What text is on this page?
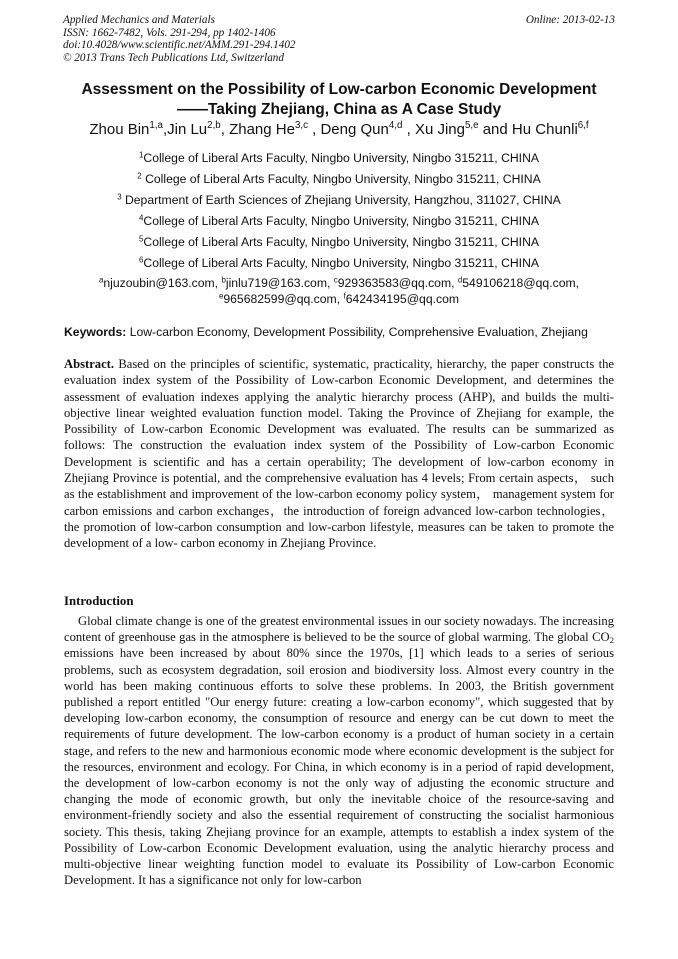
Applied Mechanics and Materials
ISSN: 1662-7482, Vols. 291-294, pp 1402-1406
doi:10.4028/www.scientific.net/AMM.291-294.1402
© 2013 Trans Tech Publications Ltd, Switzerland
Online: 2013-02-13
Assessment on the Possibility of Low-carbon Economic Development
——Taking Zhejiang, China as A Case Study
Zhou Bin$^{1,a}$,Jin Lu$^{2,b}$, Zhang He$^{3,c}$ , Deng Qun$^{4,d}$ , Xu Jing$^{5,e}$ and Hu Chunli$^{6,f}$
$^1$College of Liberal Arts Faculty, Ningbo University, Ningbo 315211, CHINA
$^2$ College of Liberal Arts Faculty, Ningbo University, Ningbo 315211, CHINA
$^3$ Department of Earth Sciences of Zhejiang University, Hangzhou, 311027, CHINA
$^4$College of Liberal Arts Faculty, Ningbo University, Ningbo 315211, CHINA
$^5$College of Liberal Arts Faculty, Ningbo University, Ningbo 315211, CHINA
$^6$College of Liberal Arts Faculty, Ningbo University, Ningbo 315211, CHINA
$^a$njuzoubin@163.com, $^b$jinlu719@163.com, $^c$929363583@qq.com, $^d$549106218@qq.com,
$^e$965682599@qq.com, $^f$642434195@qq.com
Keywords: Low-carbon Economy, Development Possibility, Comprehensive Evaluation, Zhejiang
Abstract. Based on the principles of scientific, systematic, practicality, hierarchy, the paper constructs the evaluation index system of the Possibility of Low-carbon Economic Development, and determines the assessment of evaluation indexes applying the analytic hierarchy process (AHP), and builds the multi-objective linear weighted evaluation function model. Taking the Province of Zhejiang for example, the Possibility of Low-carbon Economic Development was evaluated. The results can be summarized as follows: The construction the evaluation index system of the Possibility of Low-carbon Economic Development is scientific and has a certain operability; The development of low-carbon economy in Zhejiang Province is potential, and the comprehensive evaluation has 4 levels; From certain aspects， such as the establishment and improvement of the low-carbon economy policy system， management system for carbon emissions and carbon exchanges，the introduction of foreign advanced low-carbon technologies，the promotion of low-carbon consumption and low-carbon lifestyle, measures can be taken to promote the development of a low- carbon economy in Zhejiang Province.
Introduction
Global climate change is one of the greatest environmental issues in our society nowadays. The increasing content of greenhouse gas in the atmosphere is believed to be the source of global warming. The global $CO_2$ emissions have been increased by about 80% since the 1970s, [1] which leads to a series of serious problems, such as ecosystem degradation, soil erosion and biodiversity loss. Almost every country in the world has been making continuous efforts to solve these problems. In 2003, the British government published a report entitled "Our energy future: creating a low-carbon economy", which suggested that by developing low-carbon economy, the consumption of resource and energy can be cut down to meet the requirements of future development. The low-carbon economy is a product of human society in a certain stage, and refers to the new and harmonious economic mode where economic development is the subject for the resources, environment and ecology. For China, in which economy is in a period of rapid development, the development of low-carbon economy is not the only way of adjusting the economic structure and changing the mode of economic growth, but only the inevitable choice of the resource-saving and environment-friendly society and also the essential requirement of constructing the socialist harmonious society. This thesis, taking Zhejiang province for an example, attempts to establish a index system of the Possibility of Low-carbon Economic Development evaluation, using the analytic hierarchy process and multi-objective linear weighting function model to evaluate its Possibility of Low-carbon Economic Development. It has a significance not only for low-carbon
